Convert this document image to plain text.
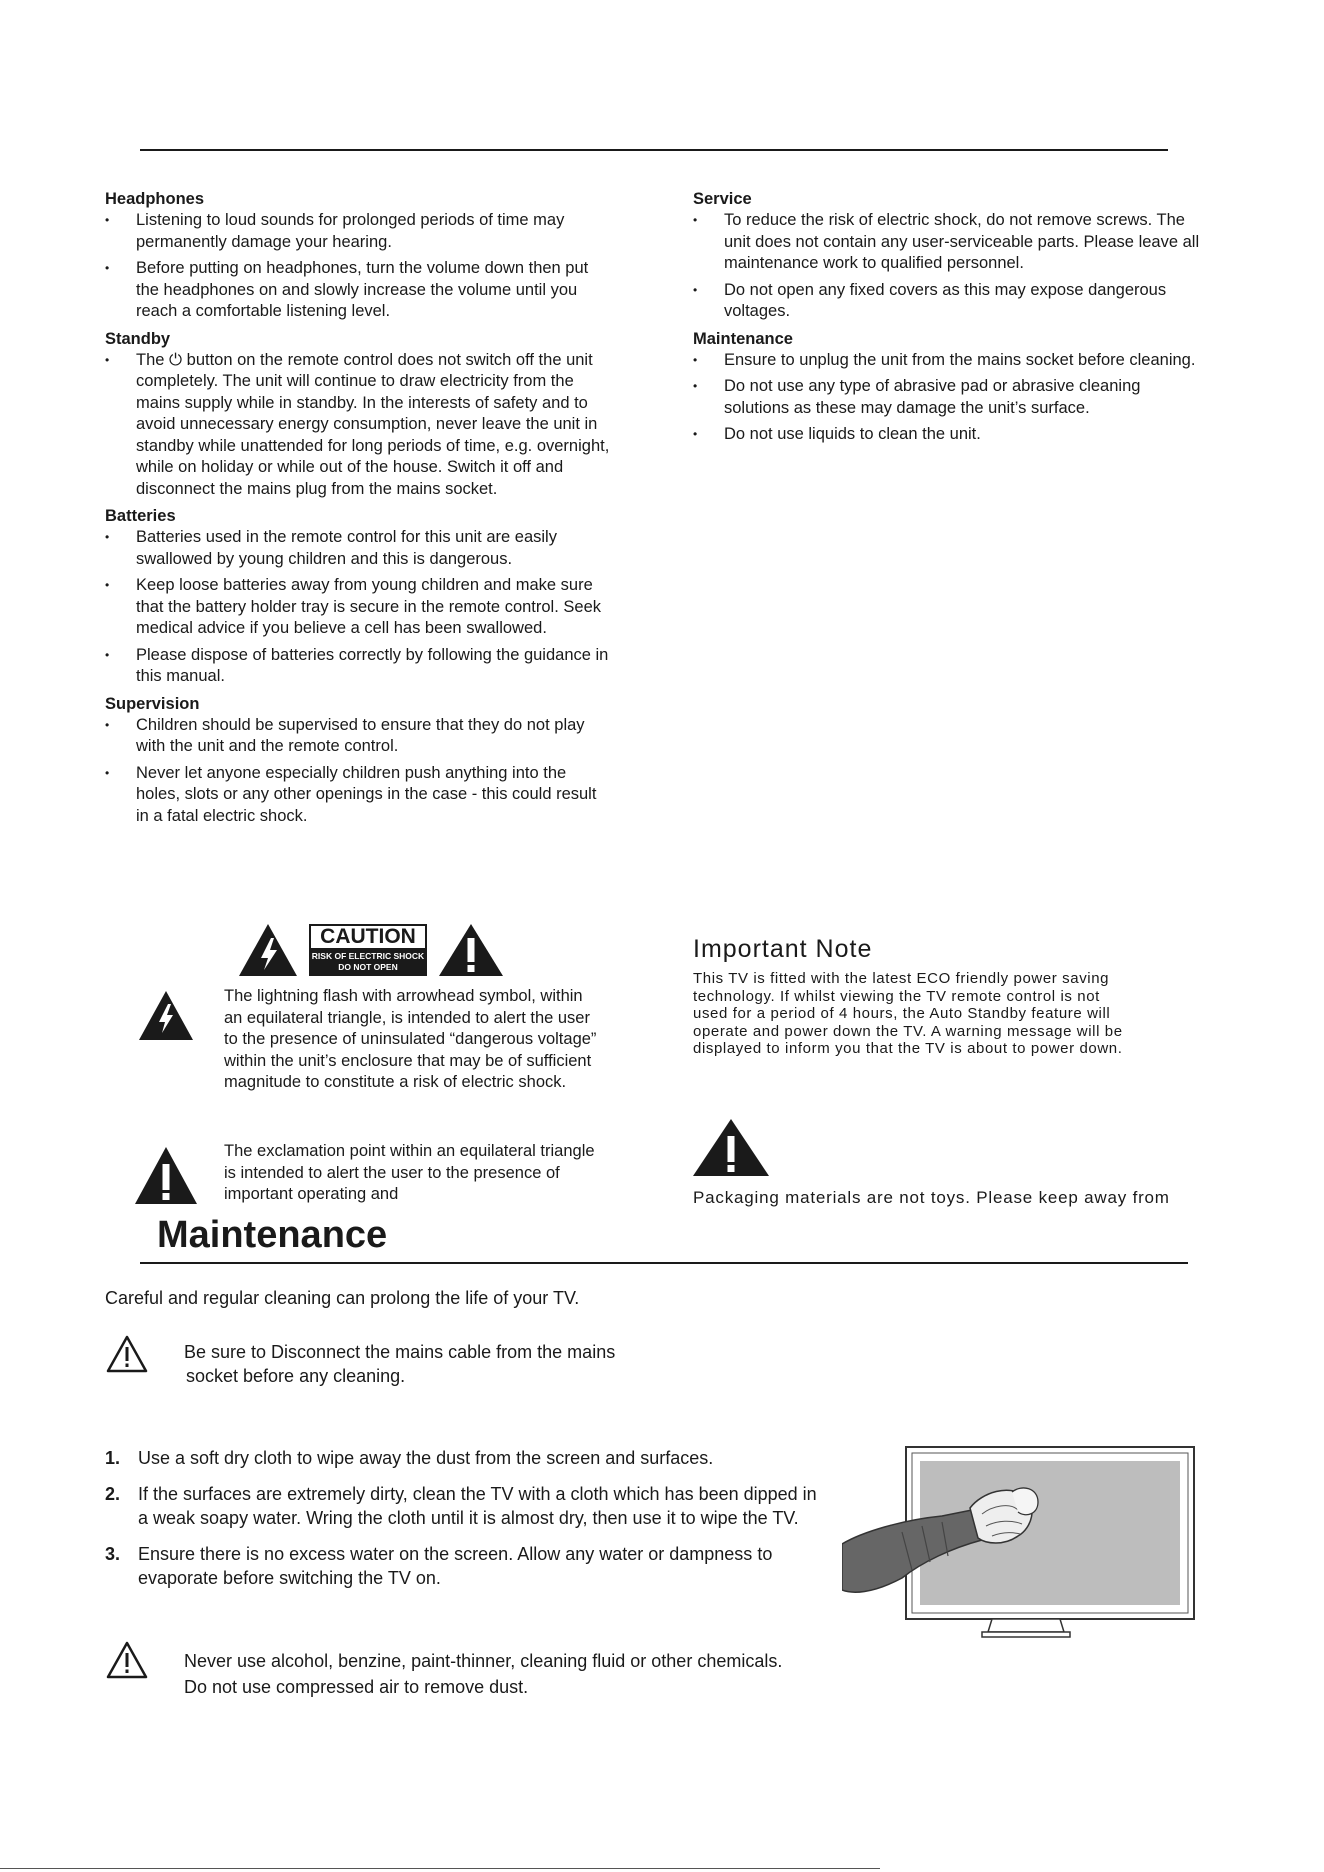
Headphones

• Listening to loud sounds for prolonged periods of time may permanently damage your hearing.
• Before putting on headphones, turn the volume down then put the headphones on and slowly increase the volume until you reach a comfortable listening level.

Standby

• The ⏻ button on the remote control does not switch off the unit completely. The unit will continue to draw electricity from the mains supply while in standby. In the interests of safety and to avoid unnecessary energy consumption, never leave the unit in standby while unattended for long periods of time, e.g. overnight, while on holiday or while out of the house. Switch it off and disconnect the mains plug from the mains socket.

Batteries

• Batteries used in the remote control for this unit are easily swallowed by young children and this is dangerous.
• Keep loose batteries away from young children and make sure that the battery holder tray is secure in the remote control. Seek medical advice if you believe a cell has been swallowed.
• Please dispose of batteries correctly by following the guidance in this manual.

Supervision

• Children should be supervised to ensure that they do not play with the unit and the remote control.
• Never let anyone especially children push anything into the holes, slots or any other openings in the case - this could result in a fatal electric shock.
CAUTION
RISK OF ELECTRIC SHOCK
DO NOT OPEN
The lightning flash with arrowhead symbol, within an equilateral triangle, is intended to alert the user to the presence of uninsulated “dangerous voltage” within the unit’s enclosure that may be of sufficient magnitude to constitute a risk of electric shock.
The exclamation point within an equilateral triangle is intended to alert the user to the presence of important operating and

Service

• To reduce the risk of electric shock, do not remove screws. The unit does not contain any user-serviceable parts. Please leave all maintenance work to qualified personnel.
• Do not open any fixed covers as this may expose dangerous voltages.

Maintenance

• Ensure to unplug the unit from the mains socket before cleaning.
• Do not use any type of abrasive pad or abrasive cleaning solutions as these may damage the unit’s surface.
• Do not use liquids to clean the unit.
Important Note
This TV is fitted with the latest ECO friendly power saving
technology. If whilst viewing the TV remote control is not
used for a period of 4 hours, the Auto Standby feature will
operate and power down the TV. A warning message will be
displayed to inform you that the TV is about to power down.
Packaging materials are not toys. Please keep away from
Maintenance
Careful and regular cleaning can prolong the life of your TV.
Be sure to Disconnect the mains cable from the mains
socket before any cleaning.
1. Use a soft dry cloth to wipe away the dust from the screen and surfaces.
2. If the surfaces are extremely dirty, clean the TV with a cloth which has been dipped in a weak soapy water. Wring the cloth until it is almost dry, then use it to wipe the TV.
3. Ensure there is no excess water on the screen. Allow any water or dampness to evaporate before switching the TV on.
Never use alcohol, benzine, paint-thinner, cleaning fluid or other chemicals.
Do not use compressed air to remove dust.
